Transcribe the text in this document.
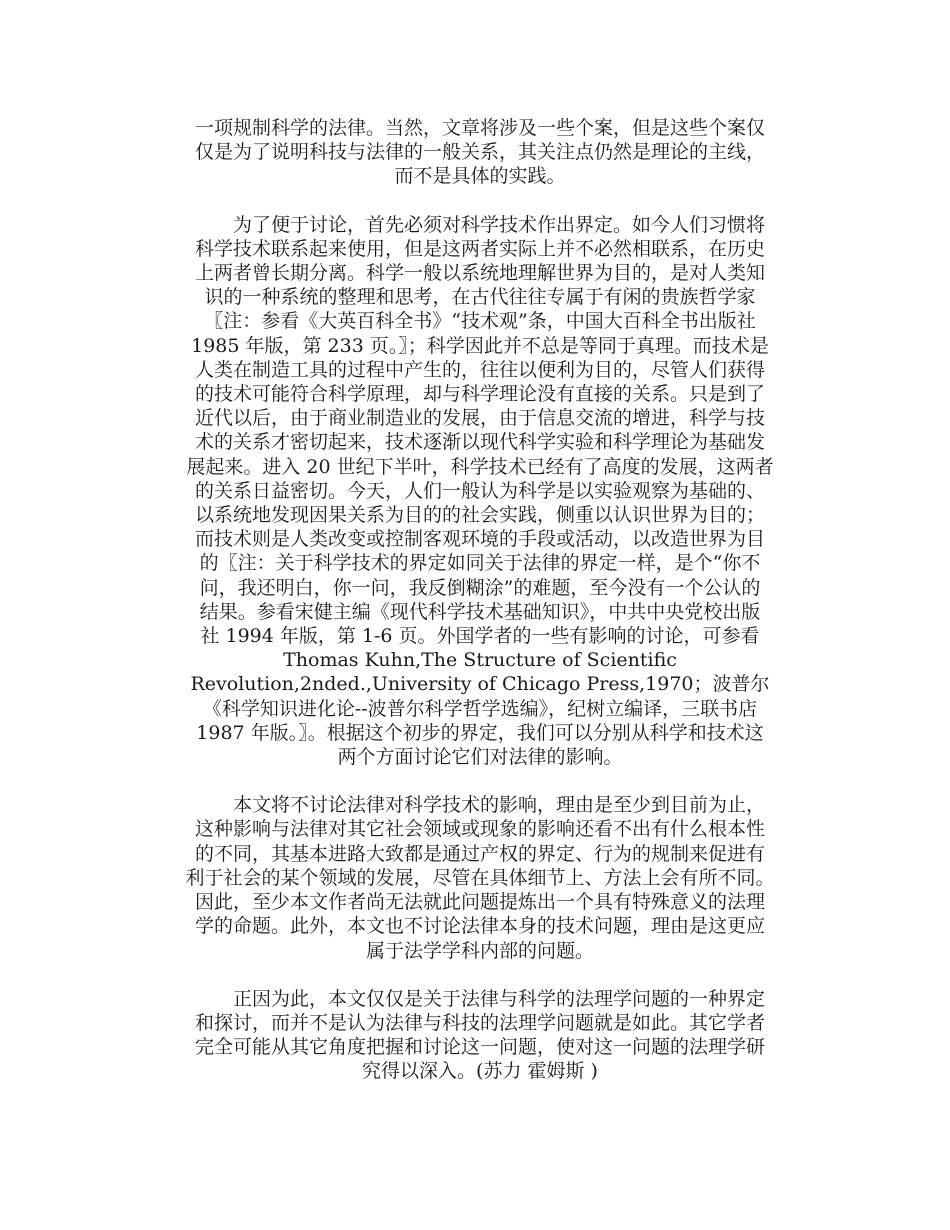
一项规制科学的法律。当然，文章将涉及一些个案，但是这些个案仅
仅是为了说明科技与法律的一般关系，其关注点仍然是理论的主线，
而不是具体的实践。

　　为了便于讨论，首先必须对科学技术作出界定。如今人们习惯将
科学技术联系起来使用，但是这两者实际上并不必然相联系，在历史
上两者曾长期分离。科学一般以系统地理解世界为目的，是对人类知
识的一种系统的整理和思考，在古代往往专属于有闲的贵族哲学家
〖注：参看《大英百科全书》“技术观”条，中国大百科全书出版社
1985 年版，第 233 页。〗；科学因此并不总是等同于真理。而技术是
人类在制造工具的过程中产生的，往往以便利为目的，尽管人们获得
的技术可能符合科学原理，却与科学理论没有直接的关系。只是到了
近代以后，由于商业制造业的发展，由于信息交流的增进，科学与技
术的关系才密切起来，技术逐渐以现代科学实验和科学理论为基础发
展起来。进入 20 世纪下半叶，科学技术已经有了高度的发展，这两者
的关系日益密切。今天，人们一般认为科学是以实验观察为基础的、
以系统地发现因果关系为目的的社会实践，侧重以认识世界为目的；
而技术则是人类改变或控制客观环境的手段或活动，以改造世界为目
的〖注：关于科学技术的界定如同关于法律的界定一样，是个“你不
问，我还明白，你一问，我反倒糊涂”的难题，至今没有一个公认的
结果。参看宋健主编《现代科学技术基础知识》，中共中央党校出版
社 1994 年版，第 1-6 页。外国学者的一些有影响的讨论，可参看
Thomas Kuhn,The Structure of Scientific
Revolution,2nded.,University of Chicago Press,1970；波普尔
《科学知识进化论--波普尔科学哲学选编》，纪树立编译，三联书店
1987 年版。〗。根据这个初步的界定，我们可以分别从科学和技术这
两个方面讨论它们对法律的影响。

　　本文将不讨论法律对科学技术的影响，理由是至少到目前为止，
这种影响与法律对其它社会领域或现象的影响还看不出有什么根本性
的不同，其基本进路大致都是通过产权的界定、行为的规制来促进有
利于社会的某个领域的发展，尽管在具体细节上、方法上会有所不同。
因此，至少本文作者尚无法就此问题提炼出一个具有特殊意义的法理
学的命题。此外，本文也不讨论法律本身的技术问题，理由是这更应
属于法学学科内部的问题。

　　正因为此，本文仅仅是关于法律与科学的法理学问题的一种界定
和探讨，而并不是认为法律与科技的法理学问题就是如此。其它学者
完全可能从其它角度把握和讨论这一问题，使对这一问题的法理学研
究得以深入。(苏力 霍姆斯 )
